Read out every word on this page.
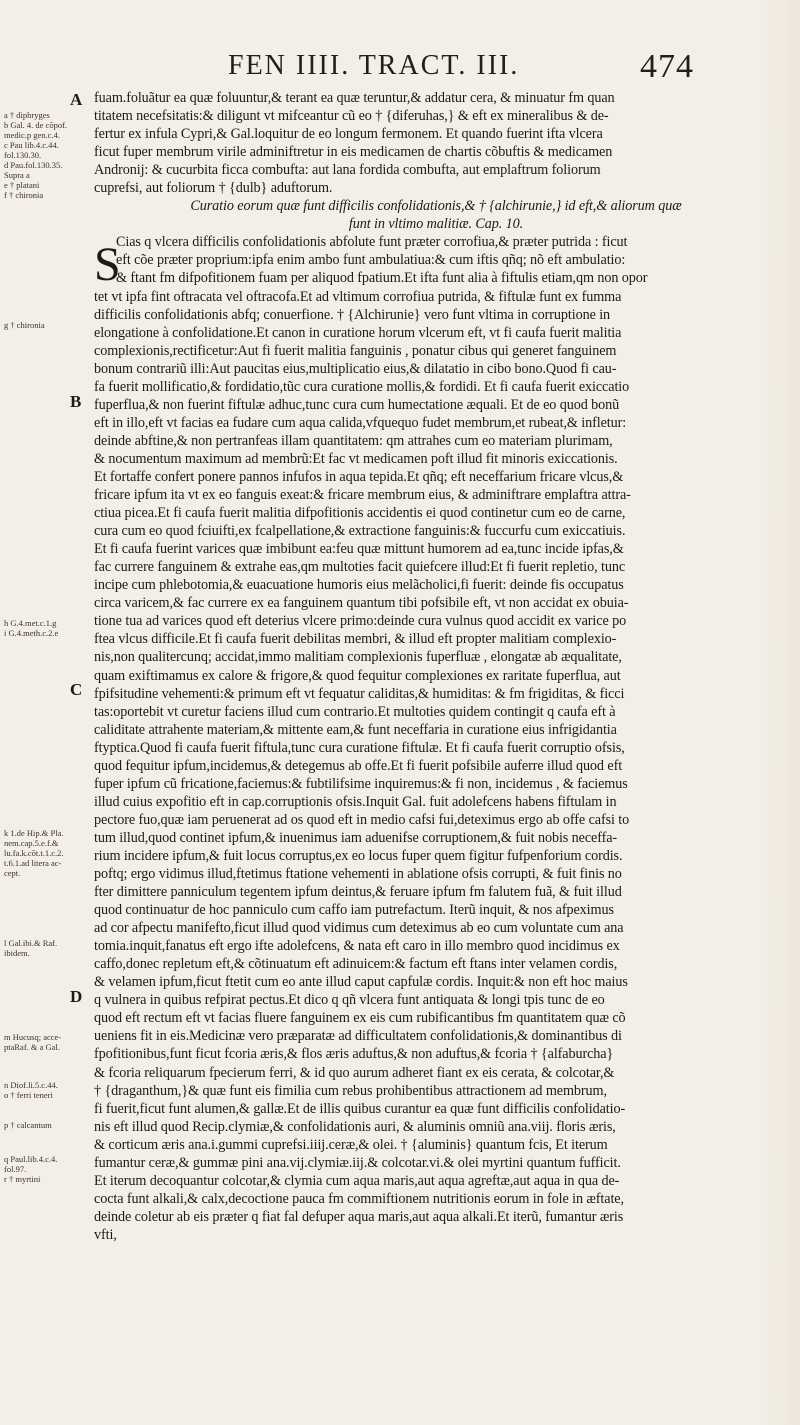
FEN IIII. TRACT. III.	474
A
B
C
D
S
fuam.foluãtur ea quæ foluuntur,& terant ea quæ teruntur,& addatur cera, & minuatur fm quan
titatem necefsitatis:& diligunt vt mifceantur cũ eo † {diferuhas,} & eft ex mineralibus & de-
fertur ex infula Cypri,& Gal.loquitur de eo longum fermonem. Et quando fuerint ifta vlcera
ficut fuper membrum virile adminiftretur in eis medicamen de chartis cõbuftis & medicamen
Andronij: & cucurbita ficca combufta: aut lana fordida combufta, aut emplaftrum foliorum
cuprefsi, aut foliorum † {dulb} aduftorum.
Curatio eorum quæ funt difficilis confolidationis,& † {alchirunie,} id eft,& aliorum quæ
funt in vltimo malitiæ. Cap. 10.
Cias q vlcera difficilis confolidationis abfolute funt præter corrofiua,& præter putrida : ficut
eft cõe præter proprium:ipfa enim ambo funt ambulatiua:& cum iftis qñq; nõ eft ambulatio:
& ftant fm difpofitionem fuam per aliquod fpatium.Et ifta funt alia à fiftulis etiam,qm non opor
tet vt ipfa fint oftracata vel oftracofa.Et ad vltimum corrofiua putrida, & fiftulæ funt ex fumma
difficilis confolidationis abfq; conuerfione. † {Alchirunie} vero funt vltima in corruptione in
elongatione à confolidatione.Et canon in curatione horum vlcerum eft, vt fi caufa fuerit malitia
complexionis,rectificetur:Aut fi fuerit malitia fanguinis , ponatur cibus qui generet fanguinem
bonum contrariũ illi:Aut paucitas eius,multiplicatio eius,& dilatatio in cibo bono.Quod fi cau-
fa fuerit mollificatio,& fordidatio,tũc cura curatione mollis,& fordidi. Et fi caufa fuerit exiccatio
fuperflua,& non fuerint fiftulæ adhuc,tunc cura cum humectatione æquali. Et de eo quod bonũ
eft in illo,eft vt facias ea fudare cum aqua calida,vfquequo fudet membrum,et rubeat,& infletur:
deinde abftine,& non pertranfeas illam quantitatem: qm attrahes cum eo materiam plurimam,
& nocumentum maximum ad membrũ:Et fac vt medicamen poft illud fit minoris exiccationis.
Et fortaffe confert ponere pannos infufos in aqua tepida.Et qñq; eft neceffarium fricare vlcus,&
fricare ipfum ita vt ex eo fanguis exeat:& fricare membrum eius, & adminiftrare emplaftra attra-
ctiua picea.Et fi caufa fuerit malitia difpofitionis accidentis ei quod continetur cum eo de carne,
cura cum eo quod fciuifti,ex fcalpellatione,& extractione fanguinis:& fuccurfu cum exiccatiuis.
Et fi caufa fuerint varices quæ imbibunt ea:feu quæ mittunt humorem ad ea,tunc incide ipfas,&
fac currere fanguinem & extrahe eas,qm multoties facit quiefcere illud:Et fi fuerit repletio, tunc
incipe cum phlebotomia,& euacuatione humoris eius melãcholici,fi fuerit: deinde fis occupatus
circa varicem,& fac currere ex ea fanguinem quantum tibi pofsibile eft, vt non accidat ex obuia-
tione tua ad varices quod eft deterius vlcere primo:deinde cura vulnus quod accidit ex varice po
ftea vlcus difficile.Et fi caufa fuerit debilitas membri, & illud eft propter malitiam complexio-
nis,non qualitercunq; accidat,immo malitiam complexionis fuperfluæ , elongatæ ab æqualitate,
quam exiftimamus ex calore & frigore,& quod fequitur complexiones ex raritate fuperflua, aut
fpifsitudine vehementi:& primum eft vt fequatur caliditas,& humiditas: & fm frigiditas, & ficci
tas:oportebit vt curetur faciens illud cum contrario.Et multoties quidem contingit q caufa eft à
caliditate attrahente materiam,& mittente eam,& funt neceffaria in curatione eius infrigidantia
ftyptica.Quod fi caufa fuerit fiftula,tunc cura curatione fiftulæ. Et fi caufa fuerit corruptio ofsis,
quod fequitur ipfum,incidemus,& detegemus ab offe.Et fi fuerit pofsibile auferre illud quod eft
fuper ipfum cũ fricatione,faciemus:& fubtilifsime inquiremus:& fi non, incidemus , & faciemus
illud cuius expofitio eft in cap.corruptionis ofsis.Inquit Gal. fuit adolefcens habens fiftulam in
pectore fuo,quæ iam peruenerat ad os quod eft in medio cafsi fui,deteximus ergo ab offe cafsi to
tum illud,quod continet ipfum,& inuenimus iam aduenifse corruptionem,& fuit nobis neceffa-
rium incidere ipfum,& fuit locus corruptus,ex eo locus fuper quem figitur fufpenforium cordis.
poftq; ergo vidimus illud,ftetimus ftatione vehementi in ablatione ofsis corrupti, & fuit finis no
fter dimittere panniculum tegentem ipfum deintus,& feruare ipfum fm falutem fuã, & fuit illud
quod continuatur de hoc panniculo cum caffo iam putrefactum. Iterũ inquit, & nos afpeximus
ad cor afpectu manifefto,ficut illud quod vidimus cum deteximus ab eo cum voluntate cum ana
tomia.inquit,fanatus eft ergo ifte adolefcens, & nata eft caro in illo membro quod incidimus ex
caffo,donec repletum eft,& cõtinuatum eft adinuicem:& factum eft ftans inter velamen cordis,
& velamen ipfum,ficut ftetit cum eo ante illud caput capfulæ cordis. Inquit:& non eft hoc maius
q vulnera in quibus refpirat pectus.Et dico q qñ vlcera funt antiquata & longi tpis tunc de eo
quod eft rectum eft vt facias fluere fanguinem ex eis cum rubificantibus fm quantitatem quæ cõ
ueniens fit in eis.Medicinæ vero præparatæ ad difficultatem confolidationis,& dominantibus di
fpofitionibus,funt ficut fcoria æris,& flos æris aduftus,& non aduftus,& fcoria † {alfaburcha}
& fcoria reliquarum fpecierum ferri, & id quo aurum adheret fiant ex eis cerata, & colcotar,&
† {draganthum,}& quæ funt eis fimilia cum rebus prohibentibus attractionem ad membrum,
fi fuerit,ficut funt alumen,& gallæ.Et de illis quibus curantur ea quæ funt difficilis confolidatio-
nis eft illud quod Recip.clymiæ,& confolidationis auri, & aluminis omniũ ana.viij. floris æris,
& corticum æris ana.i.gummi cuprefsi.iiij.ceræ,& olei. † {aluminis} quantum fcis, Et iterum
fumantur ceræ,& gummæ pini ana.vij.clymiæ.iij.& colcotar.vi.& olei myrtini quantum fufficit.
Et iterum decoquantur colcotar,& clymia cum aqua maris,aut aqua agreftæ,aut aqua in qua de-
cocta funt alkali,& calx,decoctione pauca fm commiftionem nutritionis eorum in fole in æftate,
deinde coletur ab eis præter q fiat fal defuper aqua maris,aut aqua alkali.Et iterũ, fumantur æris
vfti,
a † diphryges
b Gal. 4. de cõpof.
medic.p gen.c.4.
c Pau lib.4.c.44.
fol.130.30.
d Pau.fol.130.35.
Supra a
e † platani
f † chironia
g † chironia
h G.4.met.c.1.g
i G.4.meth.c.2.e
k 1.de Hip.& Pla.
nem.cap.5.e.f.&
lu.fa.k.cõt.t.1.c.2.
t.6.1.ad litera ac-
cept.
l Gal.ibi.& Raf.
ibidem.
m Hucusq; acce-
ptaRaf. & a Gal.
n Diof.li.5.c.44.
o † ferri teneri
p † calcantum
q Paul.lib.4.c.4.
fol.97.
r † myrtini
